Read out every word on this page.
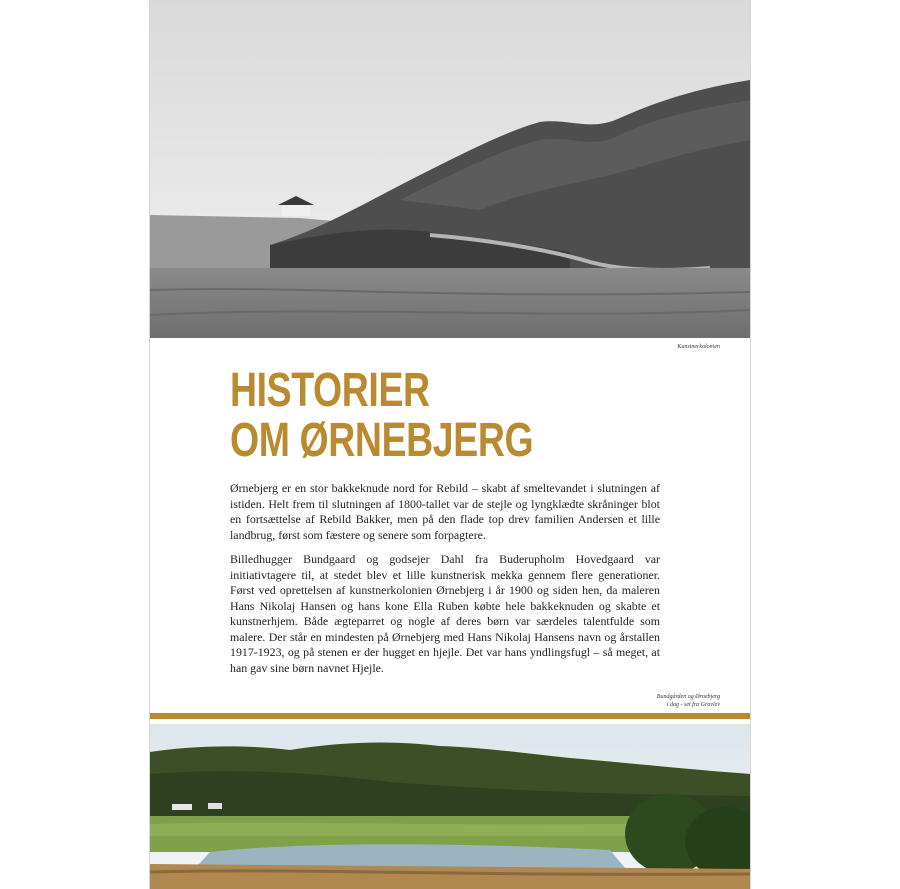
Kunstnerkolonien
HISTORIER
OM ØRNEBJERG

Ørnebjerg er en stor bakkeknude nord for Rebild – skabt af smeltevandet i slutningen af istiden. Helt frem til slutningen af 1800-tallet var de stejle og lyngklædte skråninger blot en fortsættelse af Rebild Bakker, men på den flade top drev familien Andersen et lille landbrug, først som fæstere og senere som forpagtere.

Billedhugger Bundgaard og godsejer Dahl fra Buderupholm Hovedgaard var initiativtagere til, at stedet blev et lille kunstnerisk mekka gennem flere generationer. Først ved oprettelsen af kunstnerkolonien Ørnebjerg i år 1900 og siden hen, da maleren Hans Nikolaj Hansen og hans kone Ella Ruben købte hele bakkeknuden og skabte et kunstnerhjem. Både ægteparret og nogle af deres børn var særdeles talentfulde som malere. Der står en mindesten på Ørnebjerg med Hans Nikolaj Hansens navn og årstallen 1917-1923, og på stenen er der hugget en hjejle. Det var hans yndlingsfugl – så meget, at han gav sine børn navnet Hjejle.

Bundgården og Ørnebjerg
i dag - set fra Gravlev
